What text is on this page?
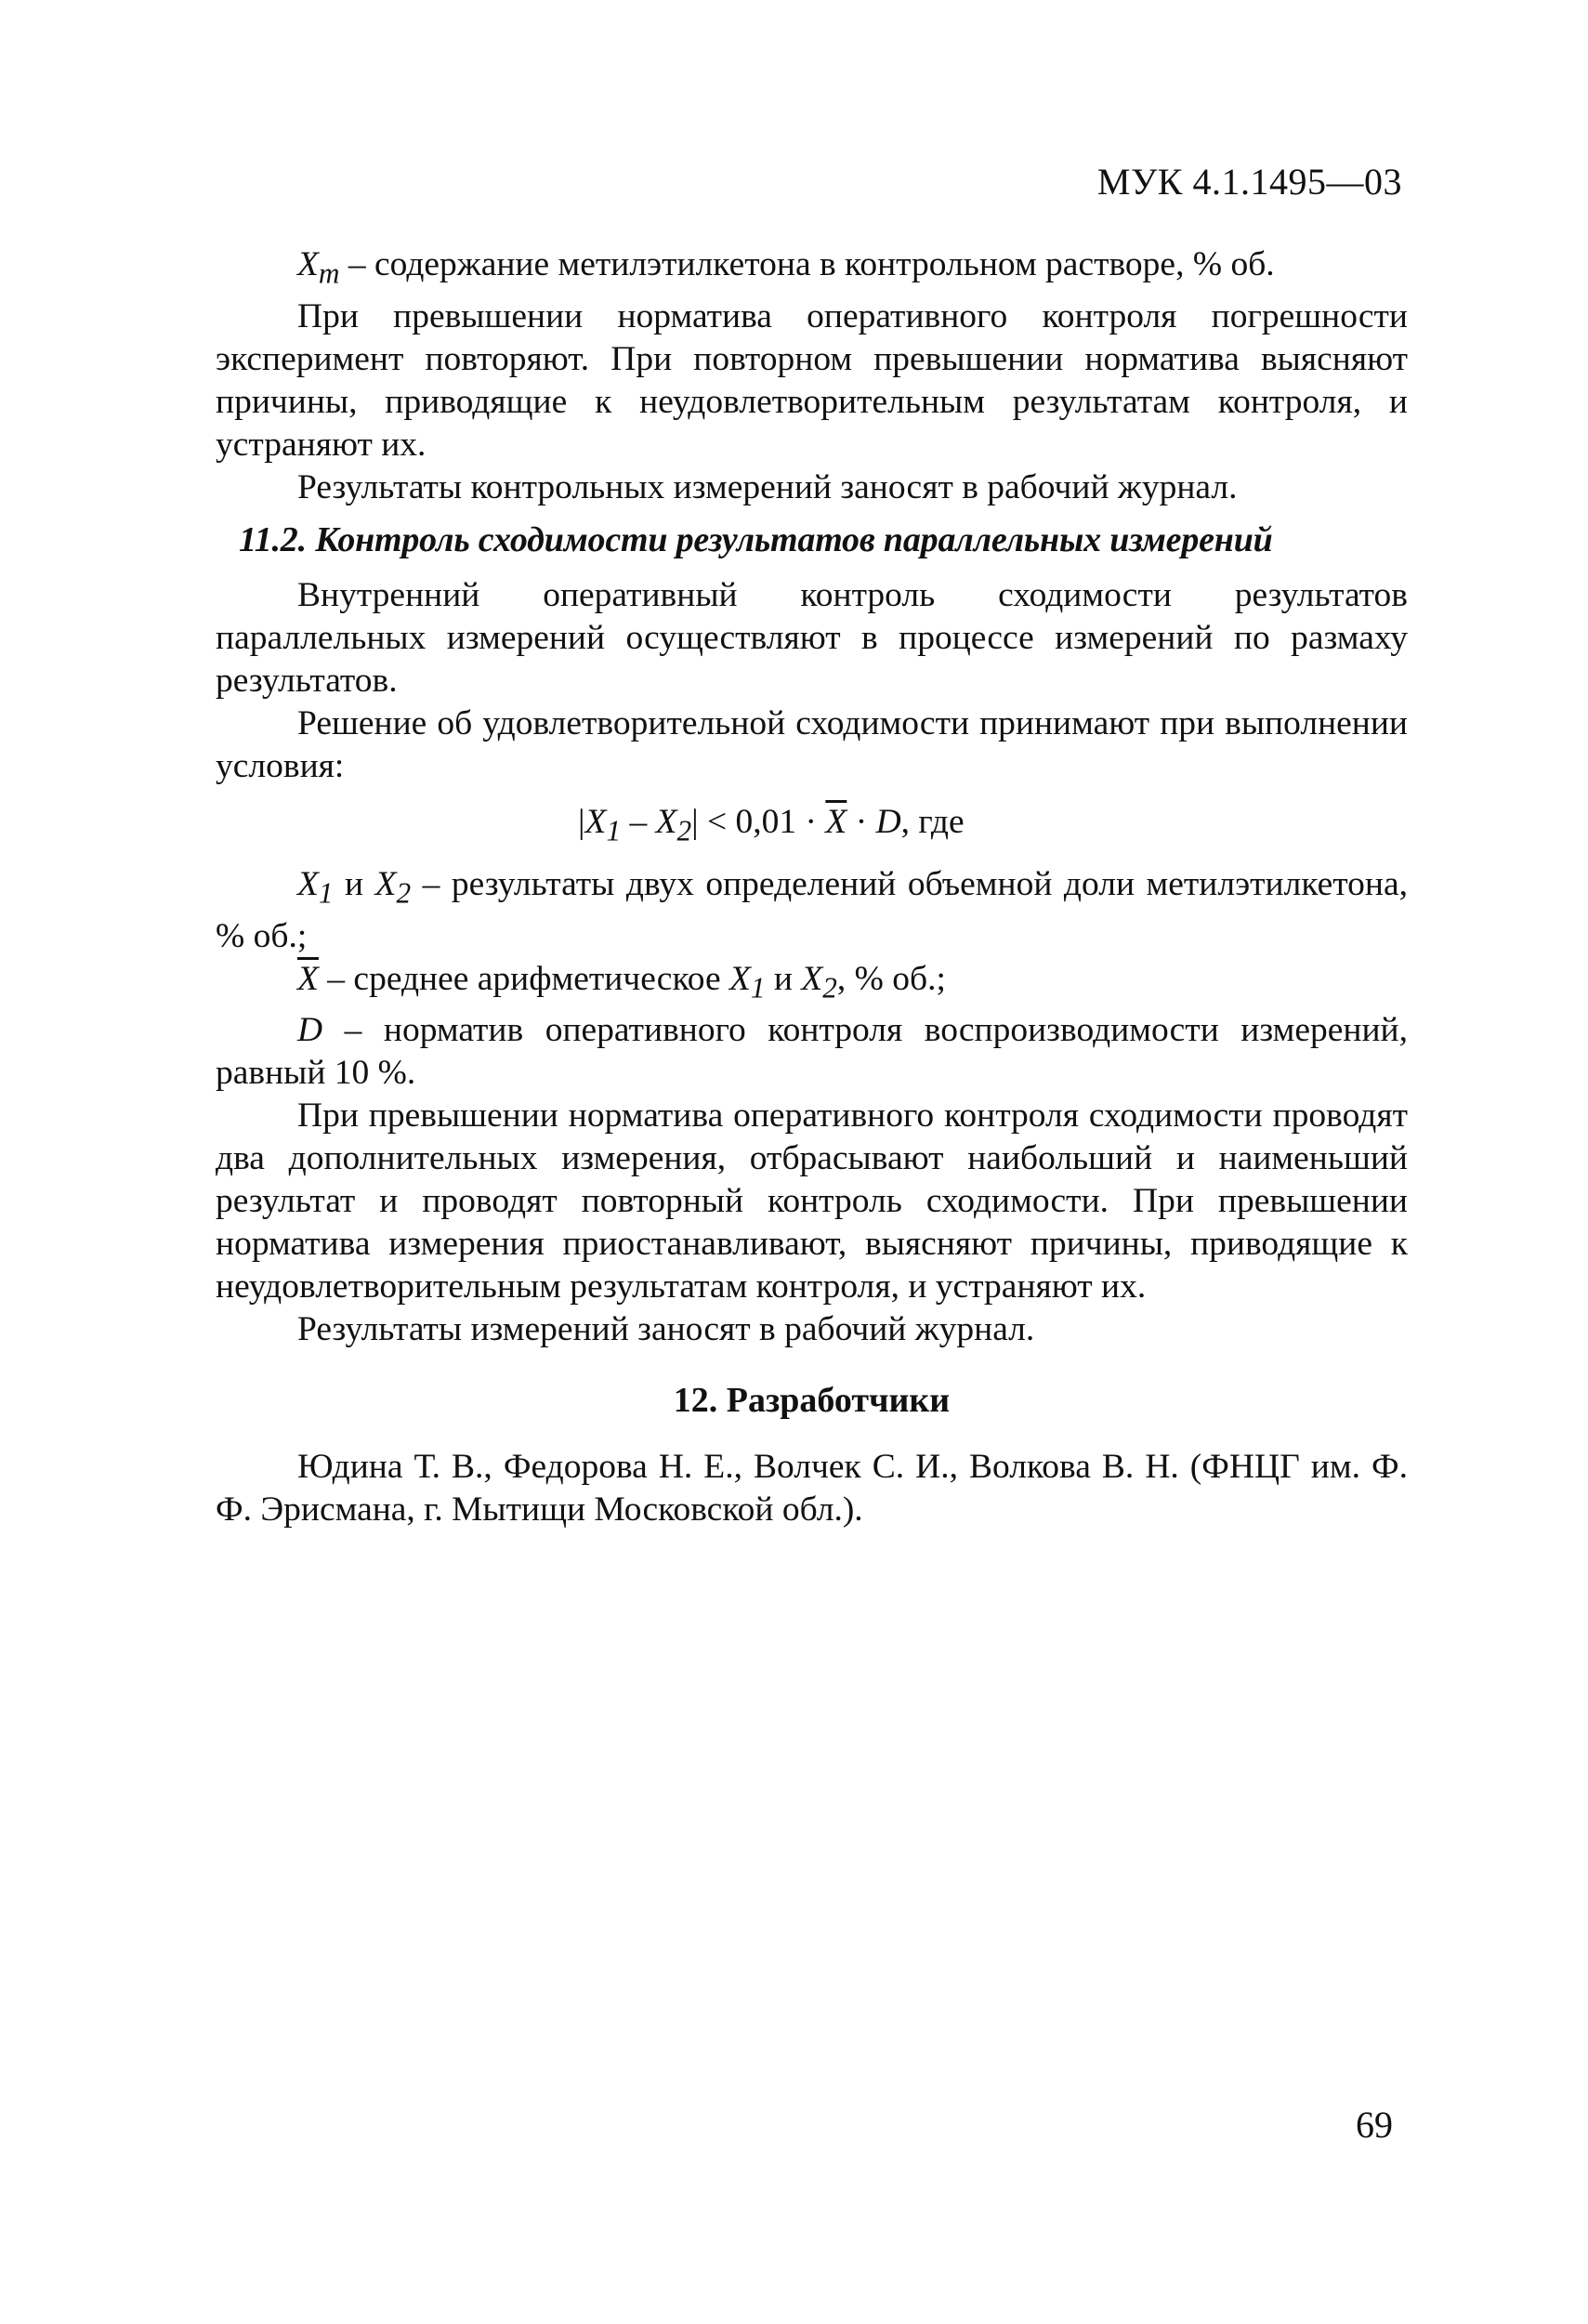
МУК 4.1.1495—03

$X_m$ – содержание метилэтилкетона в контрольном растворе, % об.

При превышении норматива оперативного контроля погрешности эксперимент повторяют. При повторном превышении норматива выясняют причины, приводящие к неудовлетворительным результатам контроля, и устраняют их.

Результаты контрольных измерений заносят в рабочий журнал.

11.2. Контроль сходимости результатов параллельных измерений

Внутренний оперативный контроль сходимости результатов параллельных измерений осуществляют в процессе измерений по размаху результатов.

Решение об удовлетворительной сходимости принимают при выполнении условия:

$|X_1 - X_2| < 0,01 \cdot \overline{X} \cdot D$, где

$X_1$ и $X_2$ – результаты двух определений объемной доли метилэтилкетона, % об.;

$\overline{X}$ – среднее арифметическое $X_1$ и $X_2$, % об.;

D – норматив оперативного контроля воспроизводимости измерений, равный 10 %.

При превышении норматива оперативного контроля сходимости проводят два дополнительных измерения, отбрасывают наибольший и наименьший результат и проводят повторный контроль сходимости. При превышении норматива измерения приостанавливают, выясняют причины, приводящие к неудовлетворительным результатам контроля, и устраняют их.

Результаты измерений заносят в рабочий журнал.

12. Разработчики

Юдина Т. В., Федорова Н. Е., Волчек С. И., Волкова В. Н. (ФНЦГ им. Ф. Ф. Эрисмана, г. Мытищи Московской обл.).

69
